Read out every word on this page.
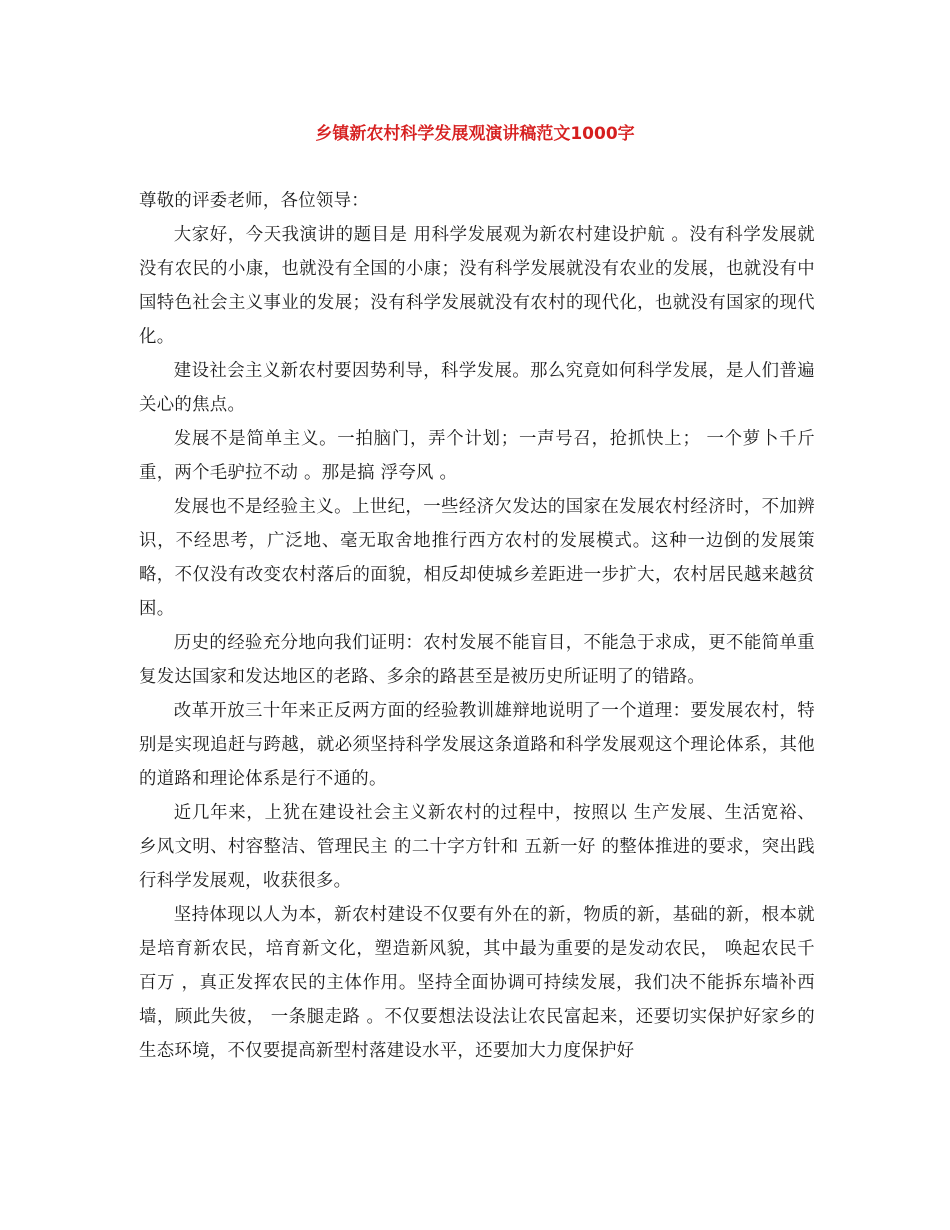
乡镇新农村科学发展观演讲稿范文1000字

尊敬的评委老师，各位领导：

大家好，今天我演讲的题目是 用科学发展观为新农村建设护航 。没有科学发展就没有农民的小康，也就没有全国的小康；没有科学发展就没有农业的发展，也就没有中国特色社会主义事业的发展；没有科学发展就没有农村的现代化，也就没有国家的现代化。

建设社会主义新农村要因势利导，科学发展。那么究竟如何科学发展，是人们普遍关心的焦点。

发展不是简单主义。一拍脑门，弄个计划；一声号召，抢抓快上； 一个萝卜千斤重，两个毛驴拉不动 。那是搞 浮夸风 。

发展也不是经验主义。上世纪，一些经济欠发达的国家在发展农村经济时，不加辨识，不经思考，广泛地、毫无取舍地推行西方农村的发展模式。这种一边倒的发展策略，不仅没有改变农村落后的面貌，相反却使城乡差距进一步扩大，农村居民越来越贫困。

历史的经验充分地向我们证明：农村发展不能盲目，不能急于求成，更不能简单重复发达国家和发达地区的老路、多余的路甚至是被历史所证明了的错路。

改革开放三十年来正反两方面的经验教训雄辩地说明了一个道理：要发展农村，特别是实现追赶与跨越，就必须坚持科学发展这条道路和科学发展观这个理论体系，其他的道路和理论体系是行不通的。

近几年来，上犹在建设社会主义新农村的过程中，按照以 生产发展、生活宽裕、乡风文明、村容整洁、管理民主 的二十字方针和 五新一好 的整体推进的要求，突出践行科学发展观，收获很多。

坚持体现以人为本，新农村建设不仅要有外在的新，物质的新，基础的新，根本就是培育新农民，培育新文化，塑造新风貌，其中最为重要的是发动农民， 唤起农民千百万 ，真正发挥农民的主体作用。坚持全面协调可持续发展，我们决不能拆东墙补西墙，顾此失彼， 一条腿走路 。不仅要想法设法让农民富起来，还要切实保护好家乡的生态环境，不仅要提高新型村落建设水平，还要加大力度保护好
